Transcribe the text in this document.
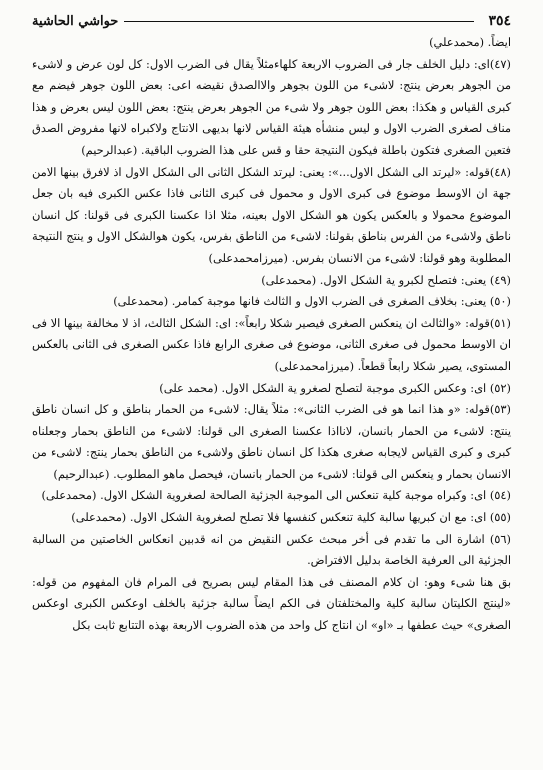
٣٥٤
حواشي الحاشية

ايضاً. (محمدعلي)

(٤٧)اى: دليل الخلف جار فى الضروب الاربعة كلهاءمثلاً يقال فى الضرب الاول: كل لون عرض و لاشىء من الجوهر بعرض ينتج: لاشىء من اللون بجوهر والاالصدق نقيضه اعى: بعض اللون جوهر فيضم مع كبرى القياس و هكذا: بعض اللون جوهر ولا شىء من الجوهر بعرض ينتج: بعض اللون ليس بعرض و هذا مناف لصغرى الضرب الاول و ليس منشأه هيئة القياس لانها بديهى الانتاج ولاكبراه لانها مفروض الصدق فتعين الصغرى فتكون باطلة فيكون النتيجة حقا و قس على هذا الضروب الباقية. (عبدالرحيم)

(٤٨)قوله: «ليرتد الى الشكل الاول...»: يعنى: ليرتد الشكل الثانى الى الشكل الاول اذ لافرق بينها الامن جهة ان الاوسط موضوع فى كبرى الاول و محمول فى كبرى الثانى فاذا عكس الكبرى فيه بان جعل الموضوع محمولا و بالعكس يكون هو الشكل الاول بعينه، مثلا اذا عكسنا الكبرى فى قولنا: كل انسان ناطق ولاشىء من الفرس بناطق بقولنا: لاشىء من الناطق بفرس، يكون هوالشكل الاول و ينتج النتيجة المطلوبة وهو قولنا: لاشىء من الانسان بفرس. (ميرزامحمدعلى)

(٤٩) يعنى: فتصلح لكبرو ية الشكل الاول. (محمدعلى)

(٥٠) يعنى: بخلاف الصغرى فى الضرب الاول و الثالث فانها موجبة كمامر. (محمدعلى)

(٥١)قوله: «والثالث ان ينعكس الصغرى فيصير شكلا رابعاً»: اى: الشكل الثالث، اذ لا مخالفة بينها الا فى ان الاوسط محمول فى صغرى الثانى، موضوع فى صغرى الرابع فاذا عكس الصغرى فى الثانى بالعكس المستوى، يصير شكلا رابعاً قطعاً. (ميرزامحمدعلى)

(٥٢) اى: وعكس الكبرى موجبة لتصلح لصغرو ية الشكل الاول. (محمد على)

(٥٣)قوله: «و هذا انما هو فى الضرب الثانى»: مثلاً يقال: لاشىء من الحمار بناطق و كل انسان ناطق ينتج: لاشىء من الحمار بانسان، لانااذا عكسنا الصغرى الى قولنا: لاشىء من الناطق بحمار وجعلناه كبرى و كبرى القياس لايجابه صغرى هكذا كل انسان ناطق ولاشىء من الناطق بحمار ينتج: لاشىء من الانسان بحمار و ينعكس الى قولنا: لاشىء من الحمار بانسان، فيحصل ماهو المطلوب. (عبدالرحيم)

(٥٤) اى: وكبراه موجبة كلية تنعكس الى الموجبة الجزئية الصالحة لصغروية الشكل الاول. (محمدعلى)

(٥٥) اى: مع ان كبريها سالبة كلية تنعكس كنفسها فلا تصلح لصغروية الشكل الاول. (محمدعلى)

(٥٦) اشارة الى ما تقدم فى أخر مبحث عكس النقيض من انه قدبين انعكاس الخاصتين من السالبة الجزئية الى العرفية الخاصة بدليل الافتراض.

بق هنا شىء وهو: ان كلام المصنف فى هذا المقام ليس بصريح فى المرام فان المفهوم من قوله: «لينتج الكليتان سالبة كلية والمختلفتان فى الكم ايضاً سالبة جزئية بالخلف اوعكس الكبرى اوعكس الصغرى» حيث عطفها بـ «او» ان انتاج كل واحد من هذه الضروب الاربعة بهذه التتابع ثابت بكل
